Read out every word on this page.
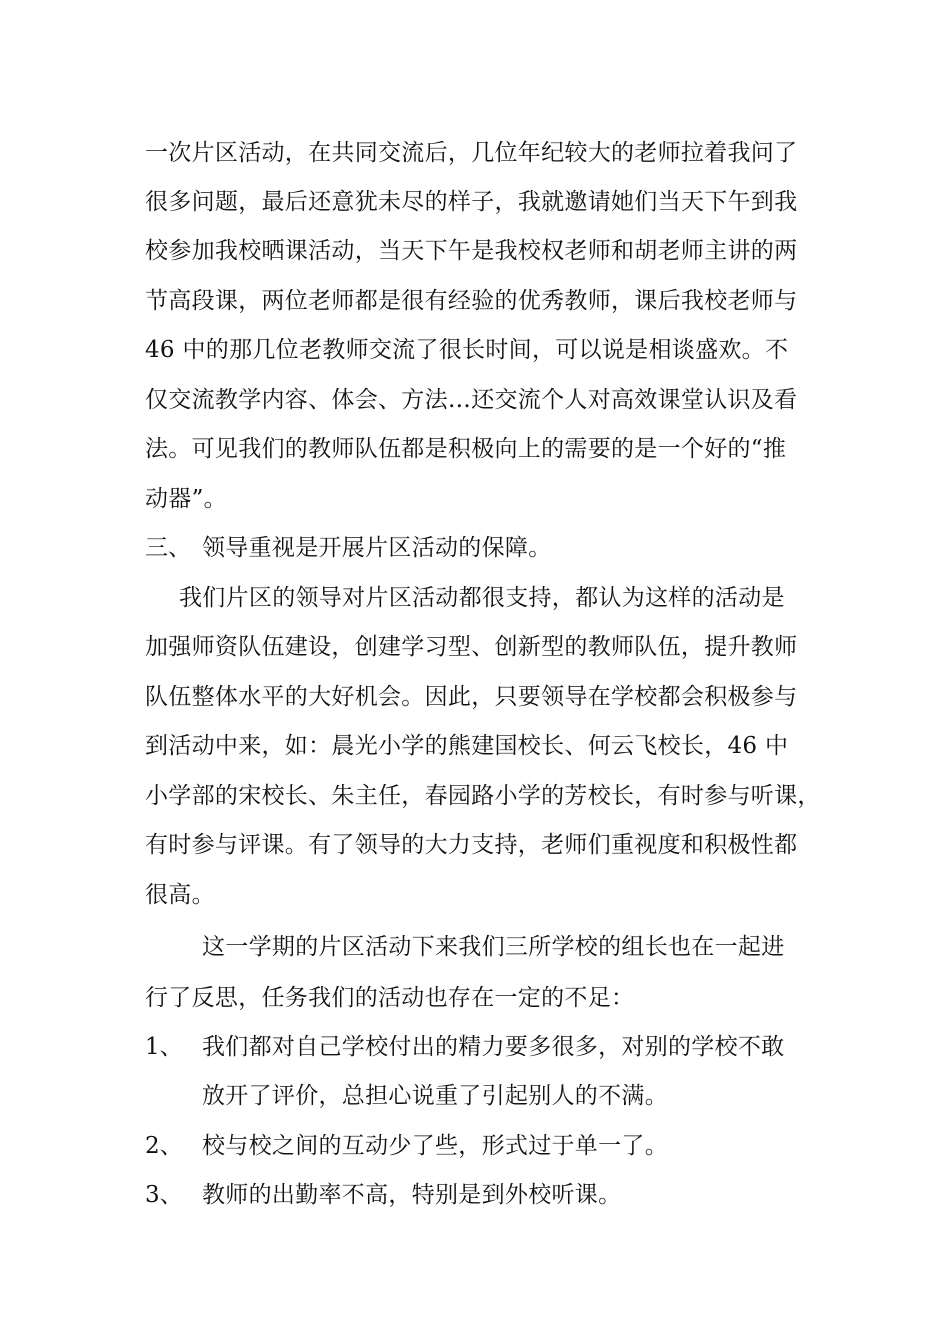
一次片区活动，在共同交流后，几位年纪较大的老师拉着我问了
很多问题，最后还意犹未尽的样子，我就邀请她们当天下午到我
校参加我校晒课活动，当天下午是我校权老师和胡老师主讲的两
节高段课，两位老师都是很有经验的优秀教师，课后我校老师与
46 中的那几位老教师交流了很长时间，可以说是相谈盛欢。不
仅交流教学内容、体会、方法…还交流个人对高效课堂认识及看
法。可见我们的教师队伍都是积极向上的需要的是一个好的“推
动器”。
三、 领导重视是开展片区活动的保障。
我们片区的领导对片区活动都很支持，都认为这样的活动是
加强师资队伍建设，创建学习型、创新型的教师队伍，提升教师
队伍整体水平的大好机会。因此，只要领导在学校都会积极参与
到活动中来，如：晨光小学的熊建国校长、何云飞校长，46 中
小学部的宋校长、朱主任，春园路小学的芳校长，有时参与听课，
有时参与评课。有了领导的大力支持，老师们重视度和积极性都
很高。
这一学期的片区活动下来我们三所学校的组长也在一起进
行了反思，任务我们的活动也存在一定的不足：
1、 我们都对自己学校付出的精力要多很多，对别的学校不敢
放开了评价，总担心说重了引起别人的不满。
2、 校与校之间的互动少了些，形式过于单一了。
3、 教师的出勤率不高，特别是到外校听课。
